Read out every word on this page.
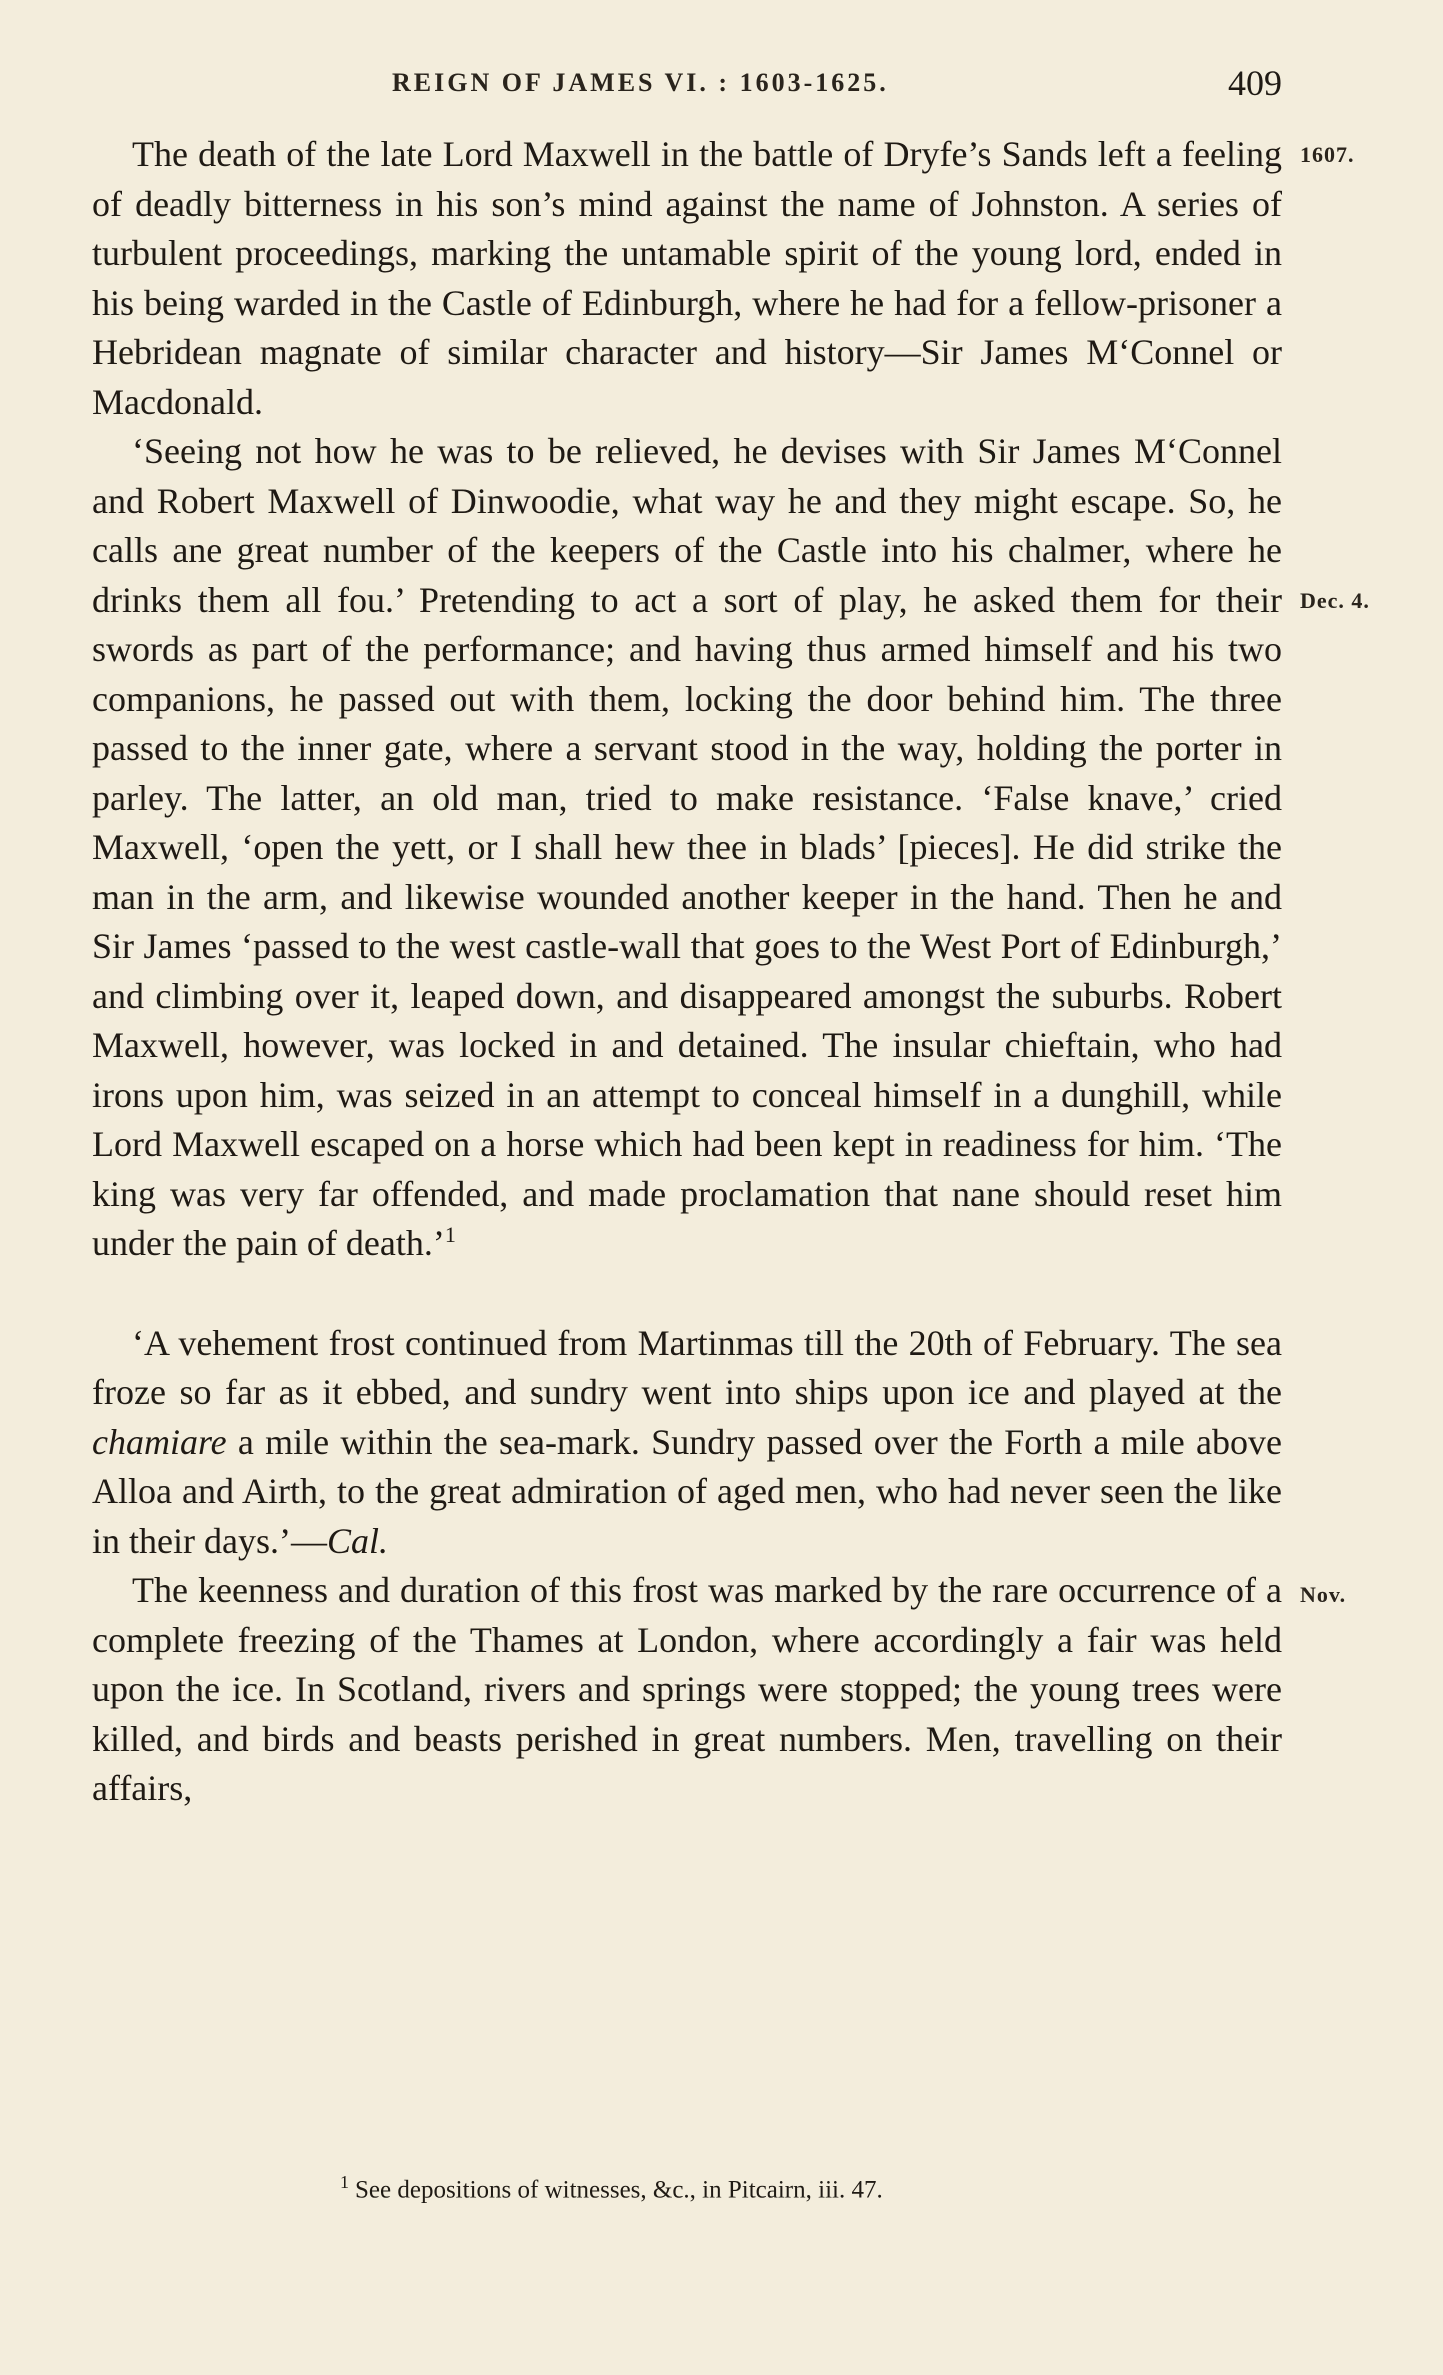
REIGN OF JAMES VI. : 1603-1625.	409
1607.
Dec. 4.
Nov.

The death of the late Lord Maxwell in the battle of Dryfe’s Sands left a feeling of deadly bitterness in his son’s mind against the name of Johnston. A series of turbulent proceedings, marking the untamable spirit of the young lord, ended in his being warded in the Castle of Edinburgh, where he had for a fellow-prisoner a Hebridean magnate of similar character and history—Sir James M‘Connel or Macdonald.

‘Seeing not how he was to be relieved, he devises with Sir James M‘Connel and Robert Maxwell of Dinwoodie, what way he and they might escape. So, he calls ane great number of the keepers of the Castle into his chalmer, where he drinks them all fou.’ Pretending to act a sort of play, he asked them for their swords as part of the performance; and having thus armed himself and his two companions, he passed out with them, locking the door behind him. The three passed to the inner gate, where a servant stood in the way, holding the porter in parley. The latter, an old man, tried to make resistance. ‘False knave,’ cried Maxwell, ‘open the yett, or I shall hew thee in blads’ [pieces]. He did strike the man in the arm, and likewise wounded another keeper in the hand. Then he and Sir James ‘passed to the west castle-wall that goes to the West Port of Edinburgh,’ and climbing over it, leaped down, and disappeared amongst the suburbs. Robert Maxwell, however, was locked in and detained. The insular chieftain, who had irons upon him, was seized in an attempt to conceal himself in a dunghill, while Lord Maxwell escaped on a horse which had been kept in readiness for him. ‘The king was very far offended, and made proclamation that nane should reset him under the pain of death.’$^1$

‘A vehement frost continued from Martinmas till the 20th of February. The sea froze so far as it ebbed, and sundry went into ships upon ice and played at the chamiare a mile within the sea-mark. Sundry passed over the Forth a mile above Alloa and Airth, to the great admiration of aged men, who had never seen the like in their days.’—Cal.

The keenness and duration of this frost was marked by the rare occurrence of a complete freezing of the Thames at London, where accordingly a fair was held upon the ice. In Scotland, rivers and springs were stopped; the young trees were killed, and birds and beasts perished in great numbers. Men, travelling on their affairs,

$^1$ See depositions of witnesses, &c., in Pitcairn, iii. 47.
